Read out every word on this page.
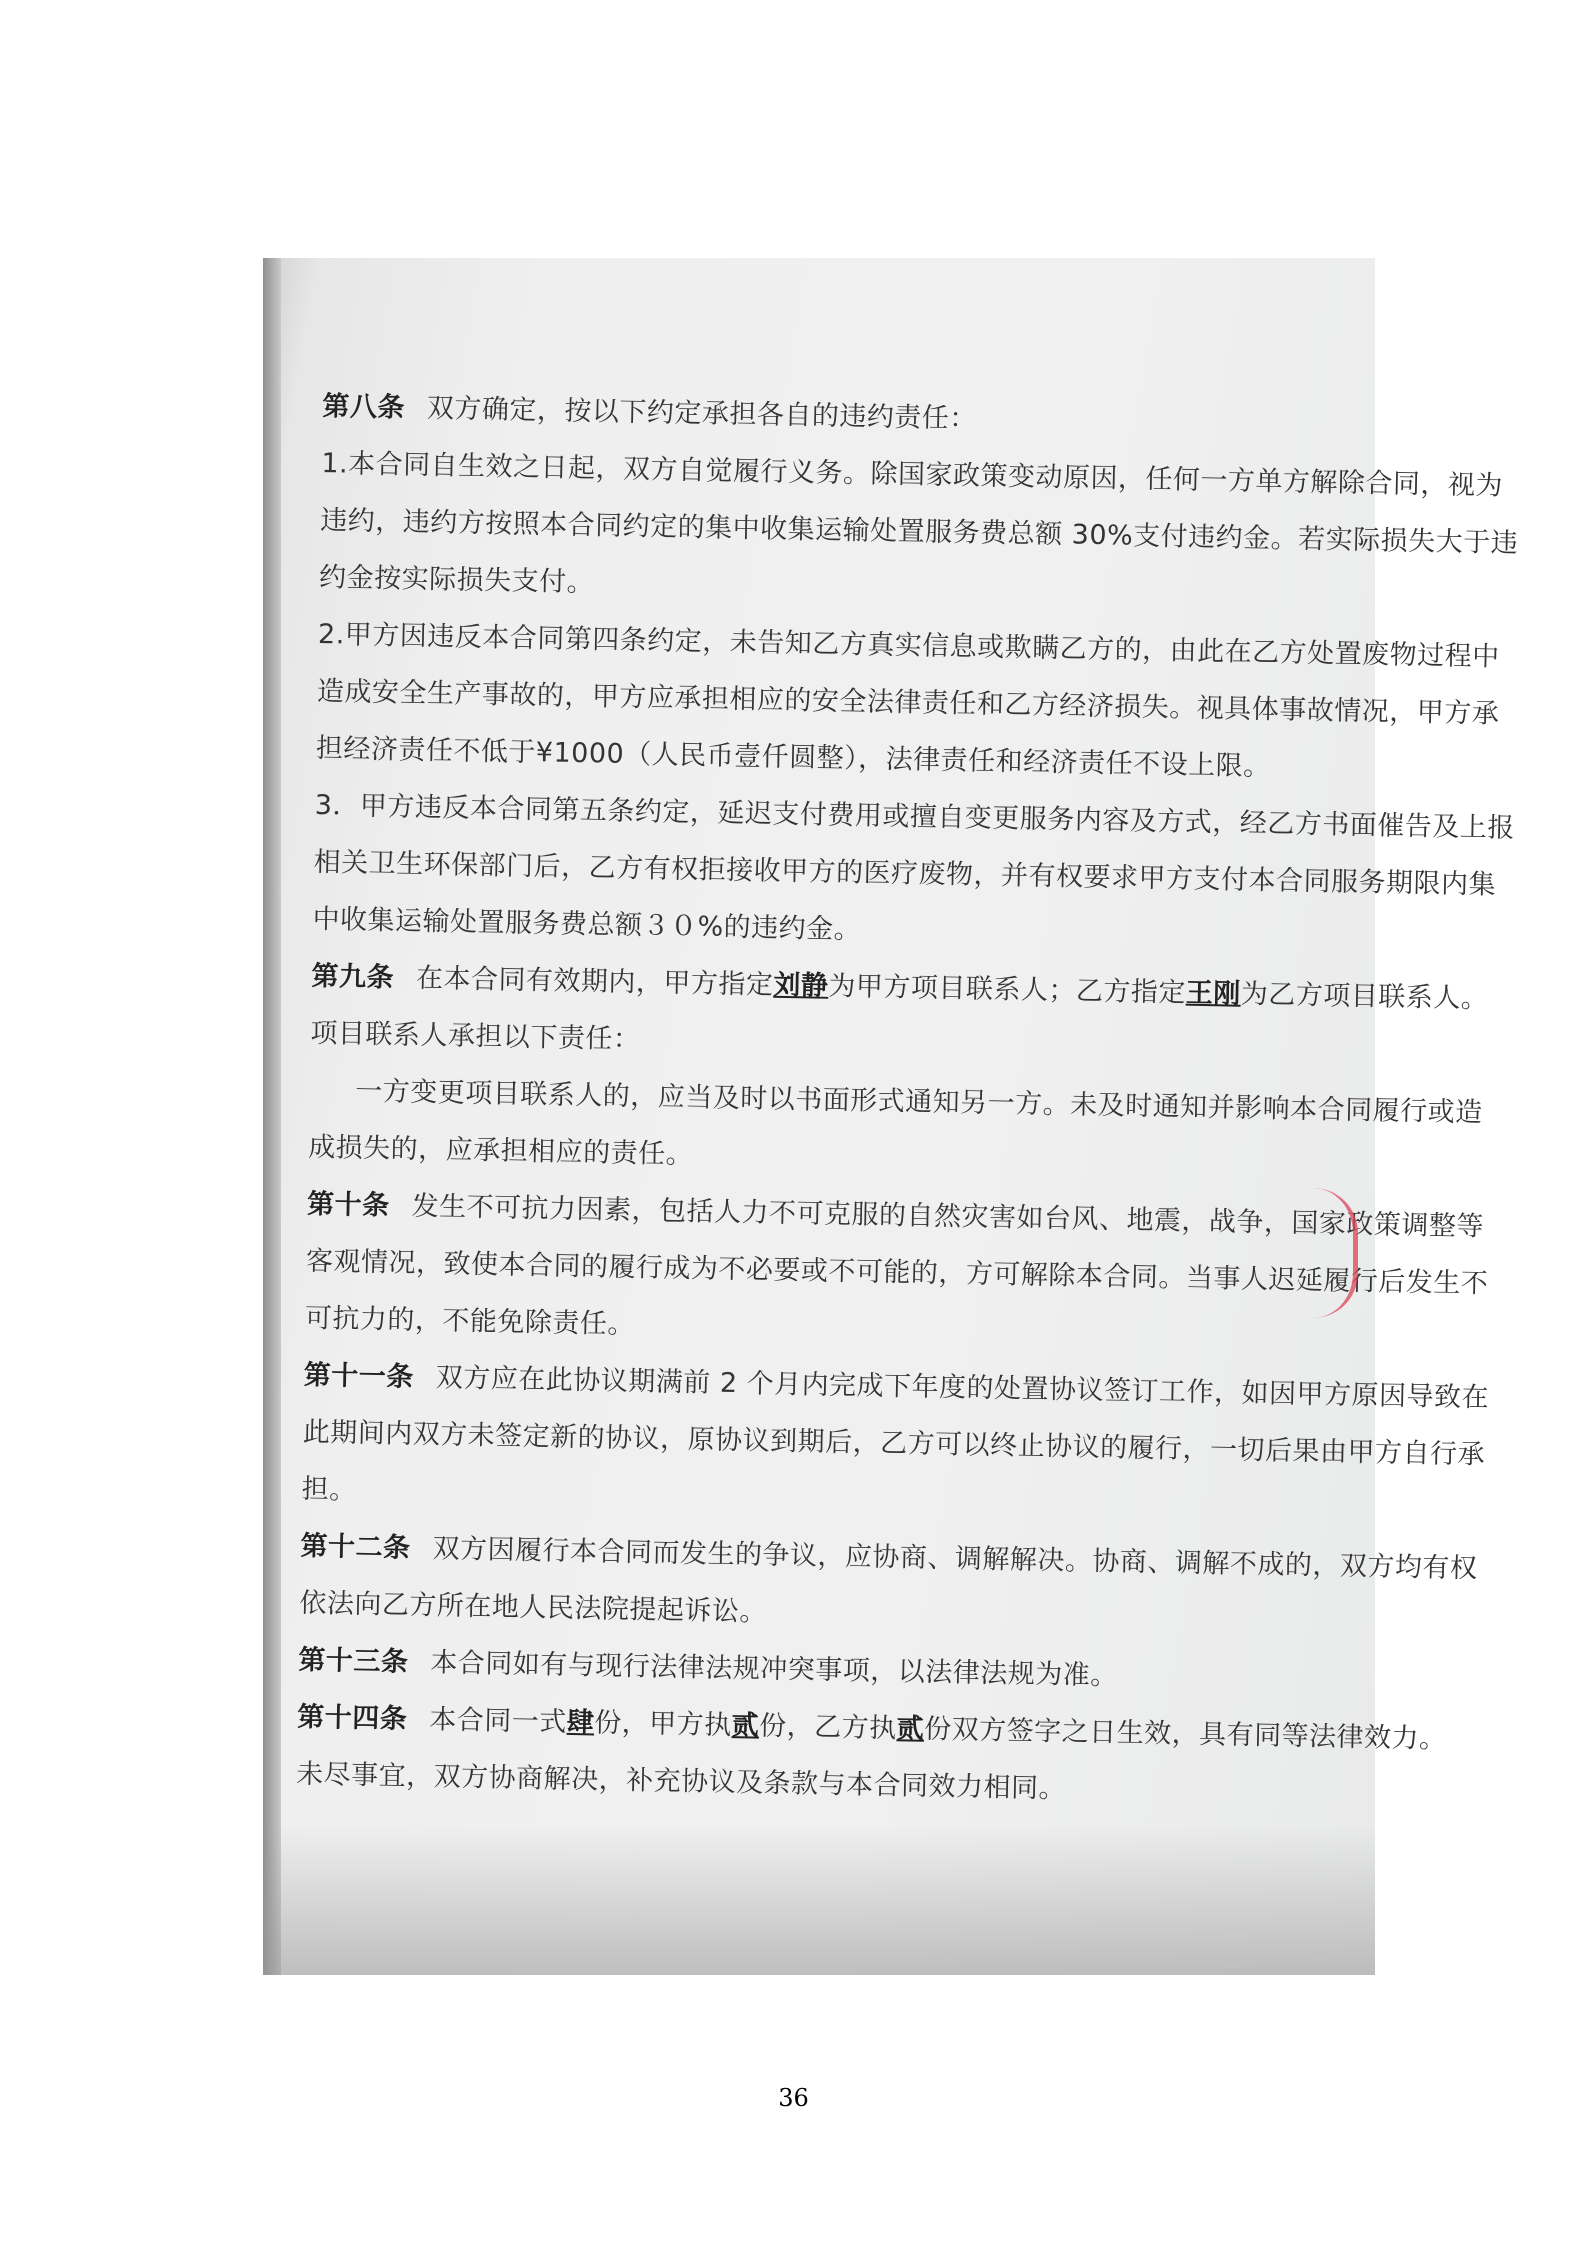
第八条 双方确定，按以下约定承担各自的违约责任：
1.本合同自生效之日起，双方自觉履行义务。除国家政策变动原因，任何一方单方解除合同，视为
违约，违约方按照本合同约定的集中收集运输处置服务费总额 30%支付违约金。若实际损失大于违
约金按实际损失支付。
2.甲方因违反本合同第四条约定，未告知乙方真实信息或欺瞒乙方的，由此在乙方处置废物过程中
造成安全生产事故的，甲方应承担相应的安全法律责任和乙方经济损失。视具体事故情况，甲方承
担经济责任不低于¥1000（人民币壹仟圆整），法律责任和经济责任不设上限。
3．甲方违反本合同第五条约定，延迟支付费用或擅自变更服务内容及方式，经乙方书面催告及上报
相关卫生环保部门后，乙方有权拒接收甲方的医疗废物，并有权要求甲方支付本合同服务期限内集
中收集运输处置服务费总额３０%的违约金。
第九条 在本合同有效期内，甲方指定刘静为甲方项目联系人；乙方指定王刚为乙方项目联系人。
项目联系人承担以下责任：
一方变更项目联系人的，应当及时以书面形式通知另一方。未及时通知并影响本合同履行或造
成损失的，应承担相应的责任。
第十条 发生不可抗力因素，包括人力不可克服的自然灾害如台风、地震，战争，国家政策调整等
客观情况，致使本合同的履行成为不必要或不可能的，方可解除本合同。当事人迟延履行后发生不
可抗力的，不能免除责任。
第十一条 双方应在此协议期满前 2 个月内完成下年度的处置协议签订工作，如因甲方原因导致在
此期间内双方未签定新的协议，原协议到期后，乙方可以终止协议的履行，一切后果由甲方自行承
担。
第十二条 双方因履行本合同而发生的争议，应协商、调解解决。协商、调解不成的，双方均有权
依法向乙方所在地人民法院提起诉讼。
第十三条 本合同如有与现行法律法规冲突事项，以法律法规为准。
第十四条 本合同一式肆份，甲方执贰份，乙方执贰份双方签字之日生效，具有同等法律效力。
未尽事宜，双方协商解决，补充协议及条款与本合同效力相同。
36
